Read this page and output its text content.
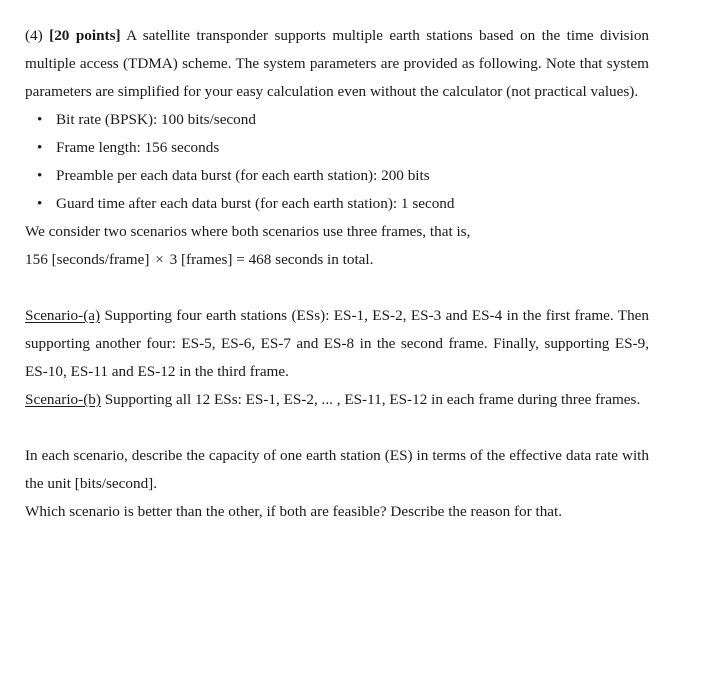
(4) [20 points] A satellite transponder supports multiple earth stations based on the time division multiple access (TDMA) scheme. The system parameters are provided as following. Note that system parameters are simplified for your easy calculation even without the calculator (not practical values).

• Bit rate (BPSK): 100 bits/second
• Frame length: 156 seconds
• Preamble per each data burst (for each earth station): 200 bits
• Guard time after each data burst (for each earth station): 1 second

We consider two scenarios where both scenarios use three frames, that is,

156 [seconds/frame] × 3 [frames] = 468 seconds in total.

Scenario-(a) Supporting four earth stations (ESs): ES-1, ES-2, ES-3 and ES-4 in the first frame. Then supporting another four: ES-5, ES-6, ES-7 and ES-8 in the second frame. Finally, supporting ES-9, ES-10, ES-11 and ES-12 in the third frame.

Scenario-(b) Supporting all 12 ESs: ES-1, ES-2, ... , ES-11, ES-12 in each frame during three frames.

In each scenario, describe the capacity of one earth station (ES) in terms of the effective data rate with the unit [bits/second].

Which scenario is better than the other, if both are feasible? Describe the reason for that.
